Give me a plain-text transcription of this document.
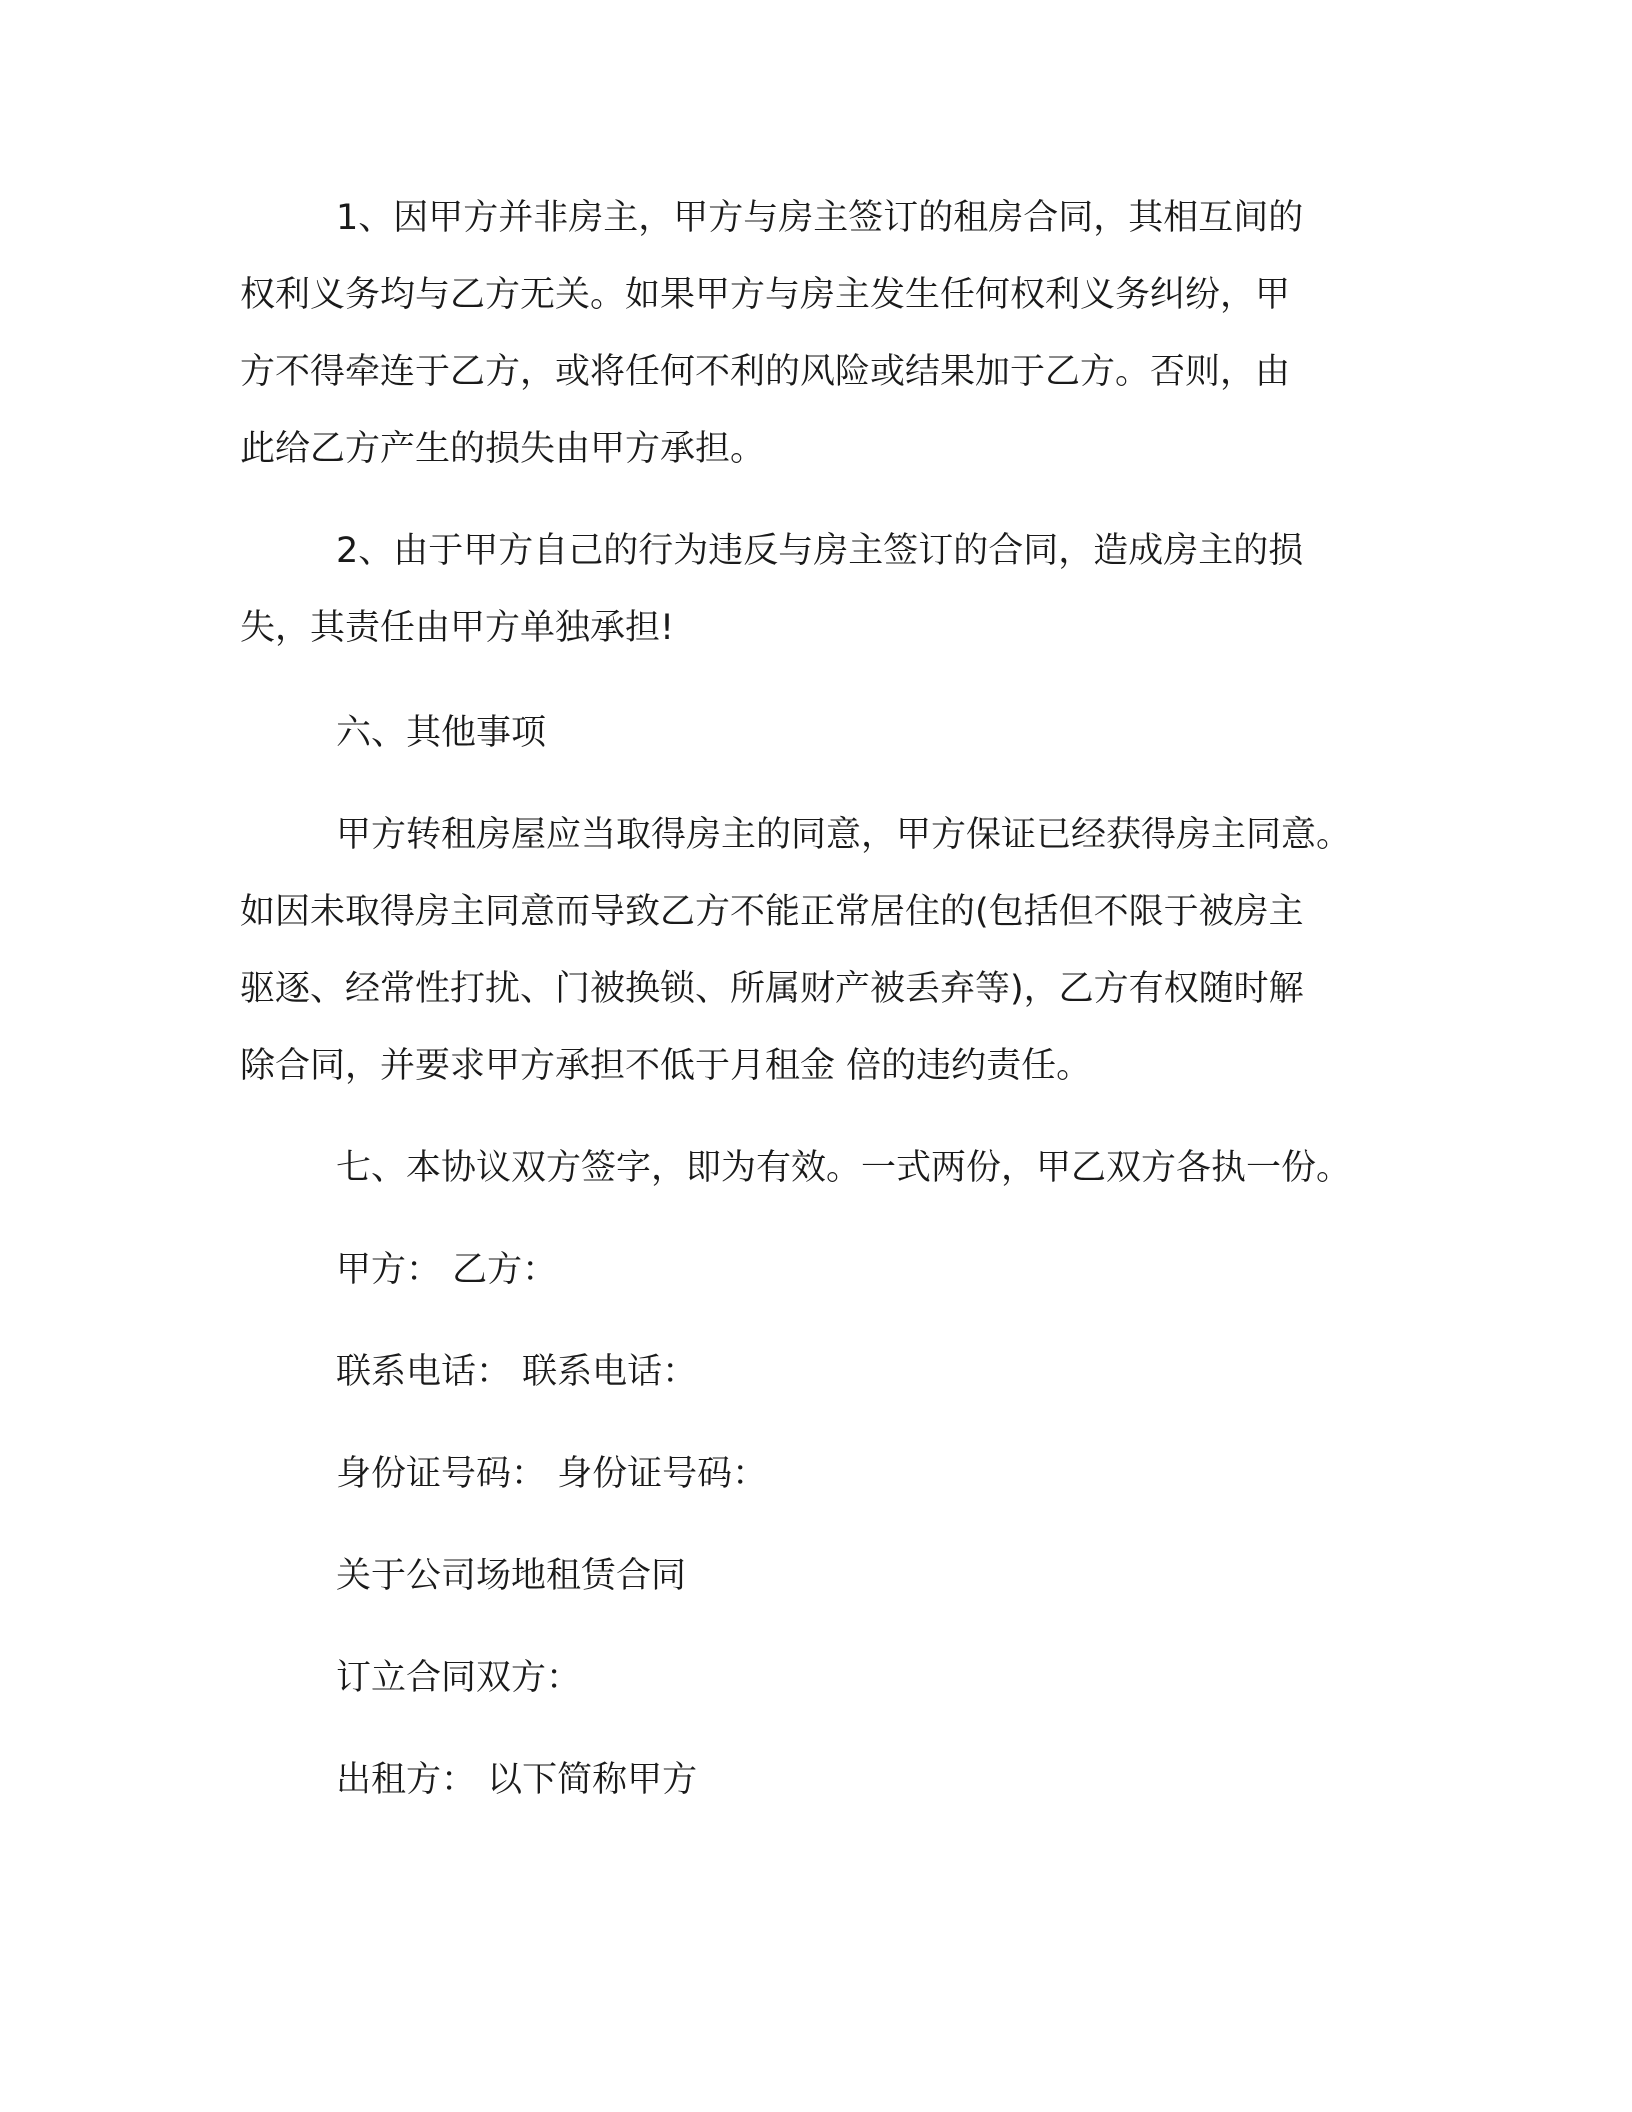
1、因甲方并非房主，甲方与房主签订的租房合同，其相互间的
权利义务均与乙方无关。如果甲方与房主发生任何权利义务纠纷，甲
方不得牵连于乙方，或将任何不利的风险或结果加于乙方。否则，由
此给乙方产生的损失由甲方承担。
2、由于甲方自己的行为违反与房主签订的合同，造成房主的损
失，其责任由甲方单独承担!
六、其他事项
甲方转租房屋应当取得房主的同意，甲方保证已经获得房主同意。
如因未取得房主同意而导致乙方不能正常居住的(包括但不限于被房主
驱逐、经常性打扰、门被换锁、所属财产被丢弃等)，乙方有权随时解
除合同，并要求甲方承担不低于月租金 倍的违约责任。
七、本协议双方签字，即为有效。一式两份，甲乙双方各执一份。
甲方： 乙方：
联系电话： 联系电话：
身份证号码： 身份证号码：
关于公司场地租赁合同
订立合同双方：
出租方： 以下简称甲方
